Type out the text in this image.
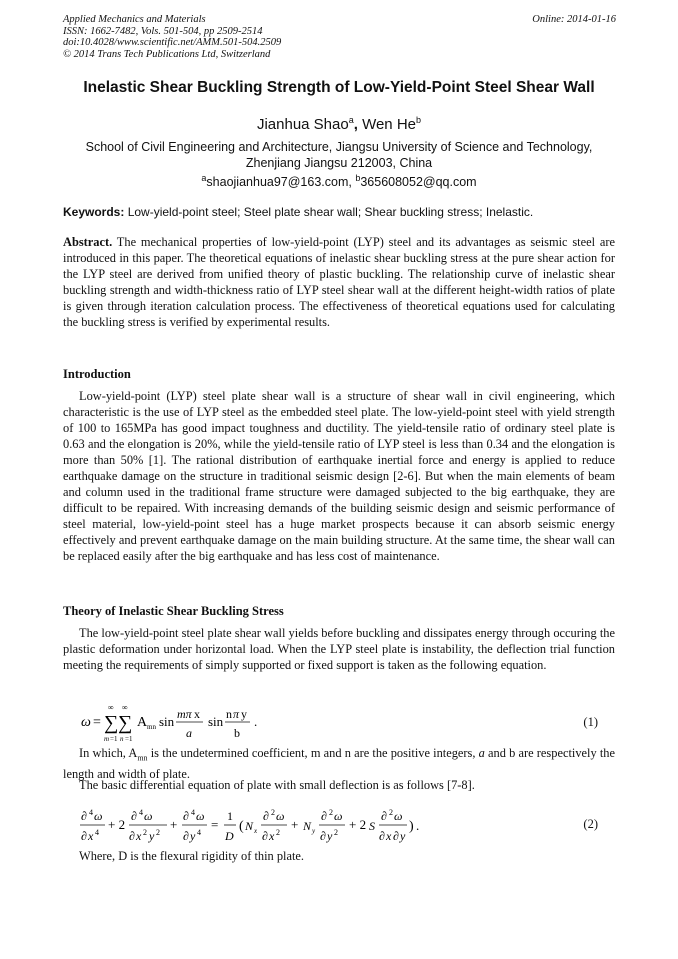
Applied Mechanics and Materials
ISSN: 1662-7482, Vols. 501-504, pp 2509-2514
doi:10.4028/www.scientific.net/AMM.501-504.2509
© 2014 Trans Tech Publications Ltd, Switzerland
Online: 2014-01-16
Inelastic Shear Buckling Strength of Low-Yield-Point Steel Shear Wall
Jianhua Shao$^a$, Wen He$^b$
School of Civil Engineering and Architecture, Jiangsu University of Science and Technology,
Zhenjiang Jiangsu 212003, China
$^a$shaojianhua97@163.com, $^b$365608052@qq.com
Keywords: Low-yield-point steel; Steel plate shear wall; Shear buckling stress; Inelastic.
Abstract. The mechanical properties of low-yield-point (LYP) steel and its advantages as seismic steel are introduced in this paper. The theoretical equations of inelastic shear buckling stress at the pure shear action for the LYP steel are derived from unified theory of plastic buckling. The relationship curve of inelastic shear buckling strength and width-thickness ratio of LYP steel shear wall at the different height-width ratios of plate is given through iteration calculation process. The effectiveness of theoretical equations used for calculating the buckling stress is verified by experimental results.
Introduction
Low-yield-point (LYP) steel plate shear wall is a structure of shear wall in civil engineering, which characteristic is the use of LYP steel as the embedded steel plate. The low-yield-point steel with yield strength of 100 to 165MPa has good impact toughness and ductility. The yield-tensile ratio of ordinary steel plate is 0.63 and the elongation is 20%, while the yield-tensile ratio of LYP steel is less than 0.34 and the elongation is more than 50% [1]. The rational distribution of earthquake inertial force and energy is applied to reduce earthquake damage on the structure in traditional seismic design [2-6]. But when the main elements of beam and column used in the traditional frame structure were damaged subjected to the big earthquake, they are difficult to be repaired. With increasing demands of the building seismic design and seismic performance of steel material, low-yield-point steel has a huge market prospects because it can absorb seismic energy effectively and prevent earthquake damage on the main building structure. At the same time, the shear wall can be replaced easily after the big earthquake and has less cost of maintenance.
Theory of Inelastic Shear Buckling Stress
The low-yield-point steel plate shear wall yields before buckling and dissipates energy through occuring the plastic deformation under horizontal load. When the LYP steel plate is instability, the deflection trial function meeting the requirements of simply supported or fixed support is taken as the following equation.
ω =
∞
∑
m =1
∞
∑
n =1
A mn sin mπ x
a
sin n π y
b
.	(1)
In which, $A_{mn}$ is the undetermined coefficient, m and n are the positive integers, a and b are respectively the length and width of plate.
The basic differential equation of plate with small deflection is as follows [7-8].
∂ 4 ω
∂ x 4
+ 2
∂ 4 ω
∂ x 2 y 2
+
∂ 4 ω
∂ y 4
=
1
D
( N x
∂ 2 ω
∂ x 2
+ N y
∂ 2 ω
∂ y 2
+ 2 S
∂ 2 ω
∂ x ∂ y
) .	(2)
Where, D is the flexural rigidity of thin plate.
